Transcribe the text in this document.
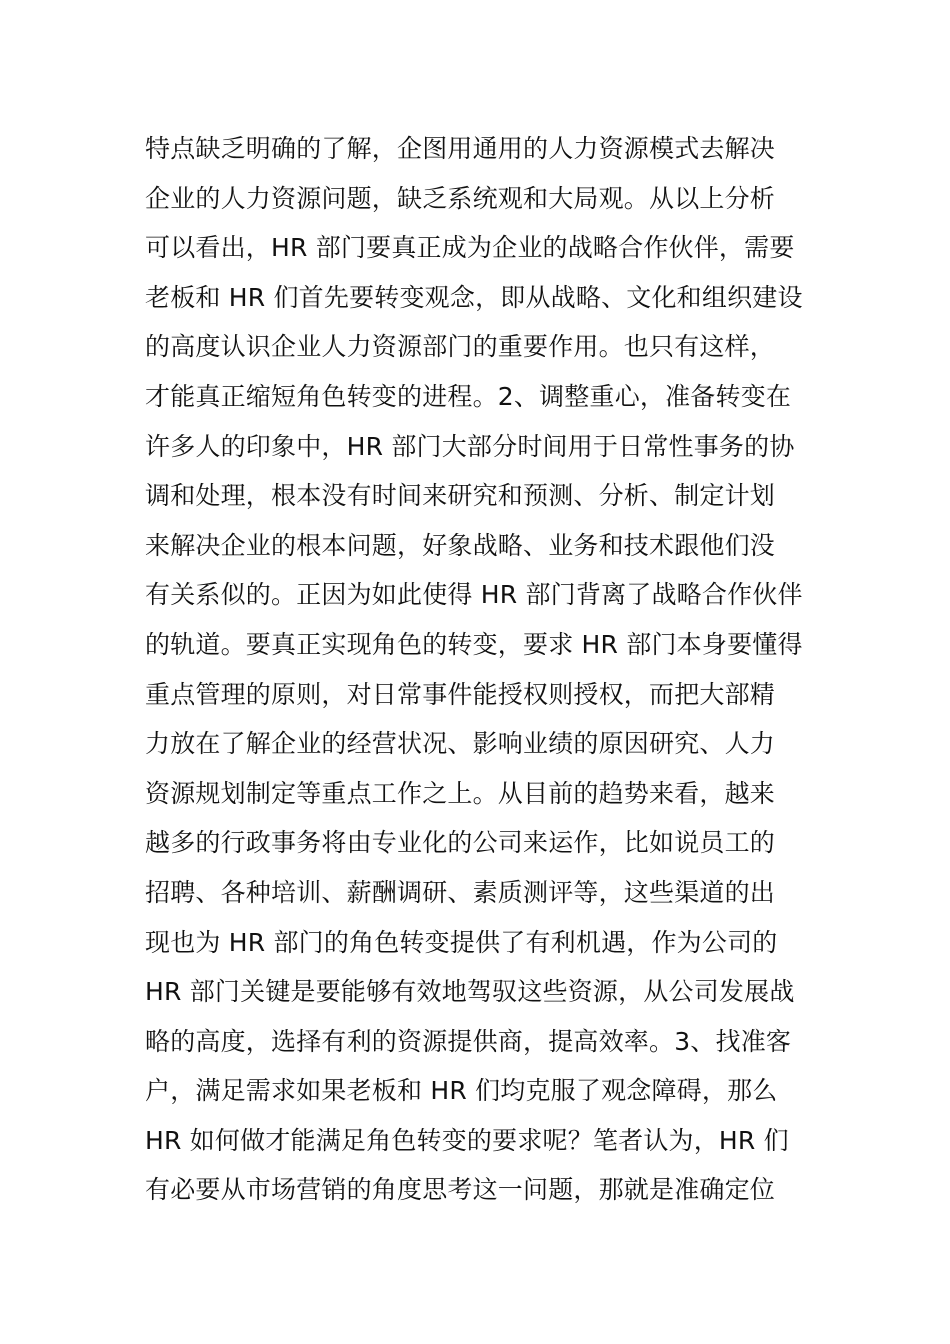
特点缺乏明确的了解，企图用通用的人力资源模式去解决
企业的人力资源问题，缺乏系统观和大局观。从以上分析
可以看出，HR 部门要真正成为企业的战略合作伙伴，需要
老板和 HR 们首先要转变观念，即从战略、文化和组织建设
的高度认识企业人力资源部门的重要作用。也只有这样，
才能真正缩短角色转变的进程。2、调整重心，准备转变在
许多人的印象中，HR 部门大部分时间用于日常性事务的协
调和处理，根本没有时间来研究和预测、分析、制定计划
来解决企业的根本问题，好象战略、业务和技术跟他们没
有关系似的。正因为如此使得 HR 部门背离了战略合作伙伴
的轨道。要真正实现角色的转变，要求 HR 部门本身要懂得
重点管理的原则，对日常事件能授权则授权，而把大部精
力放在了解企业的经营状况、影响业绩的原因研究、人力
资源规划制定等重点工作之上。从目前的趋势来看，越来
越多的行政事务将由专业化的公司来运作，比如说员工的
招聘、各种培训、薪酬调研、素质测评等，这些渠道的出
现也为 HR 部门的角色转变提供了有利机遇，作为公司的
HR 部门关键是要能够有效地驾驭这些资源，从公司发展战
略的高度，选择有利的资源提供商，提高效率。3、找准客
户，满足需求如果老板和 HR 们均克服了观念障碍，那么
HR 如何做才能满足角色转变的要求呢？笔者认为，HR 们
有必要从市场营销的角度思考这一问题，那就是准确定位
